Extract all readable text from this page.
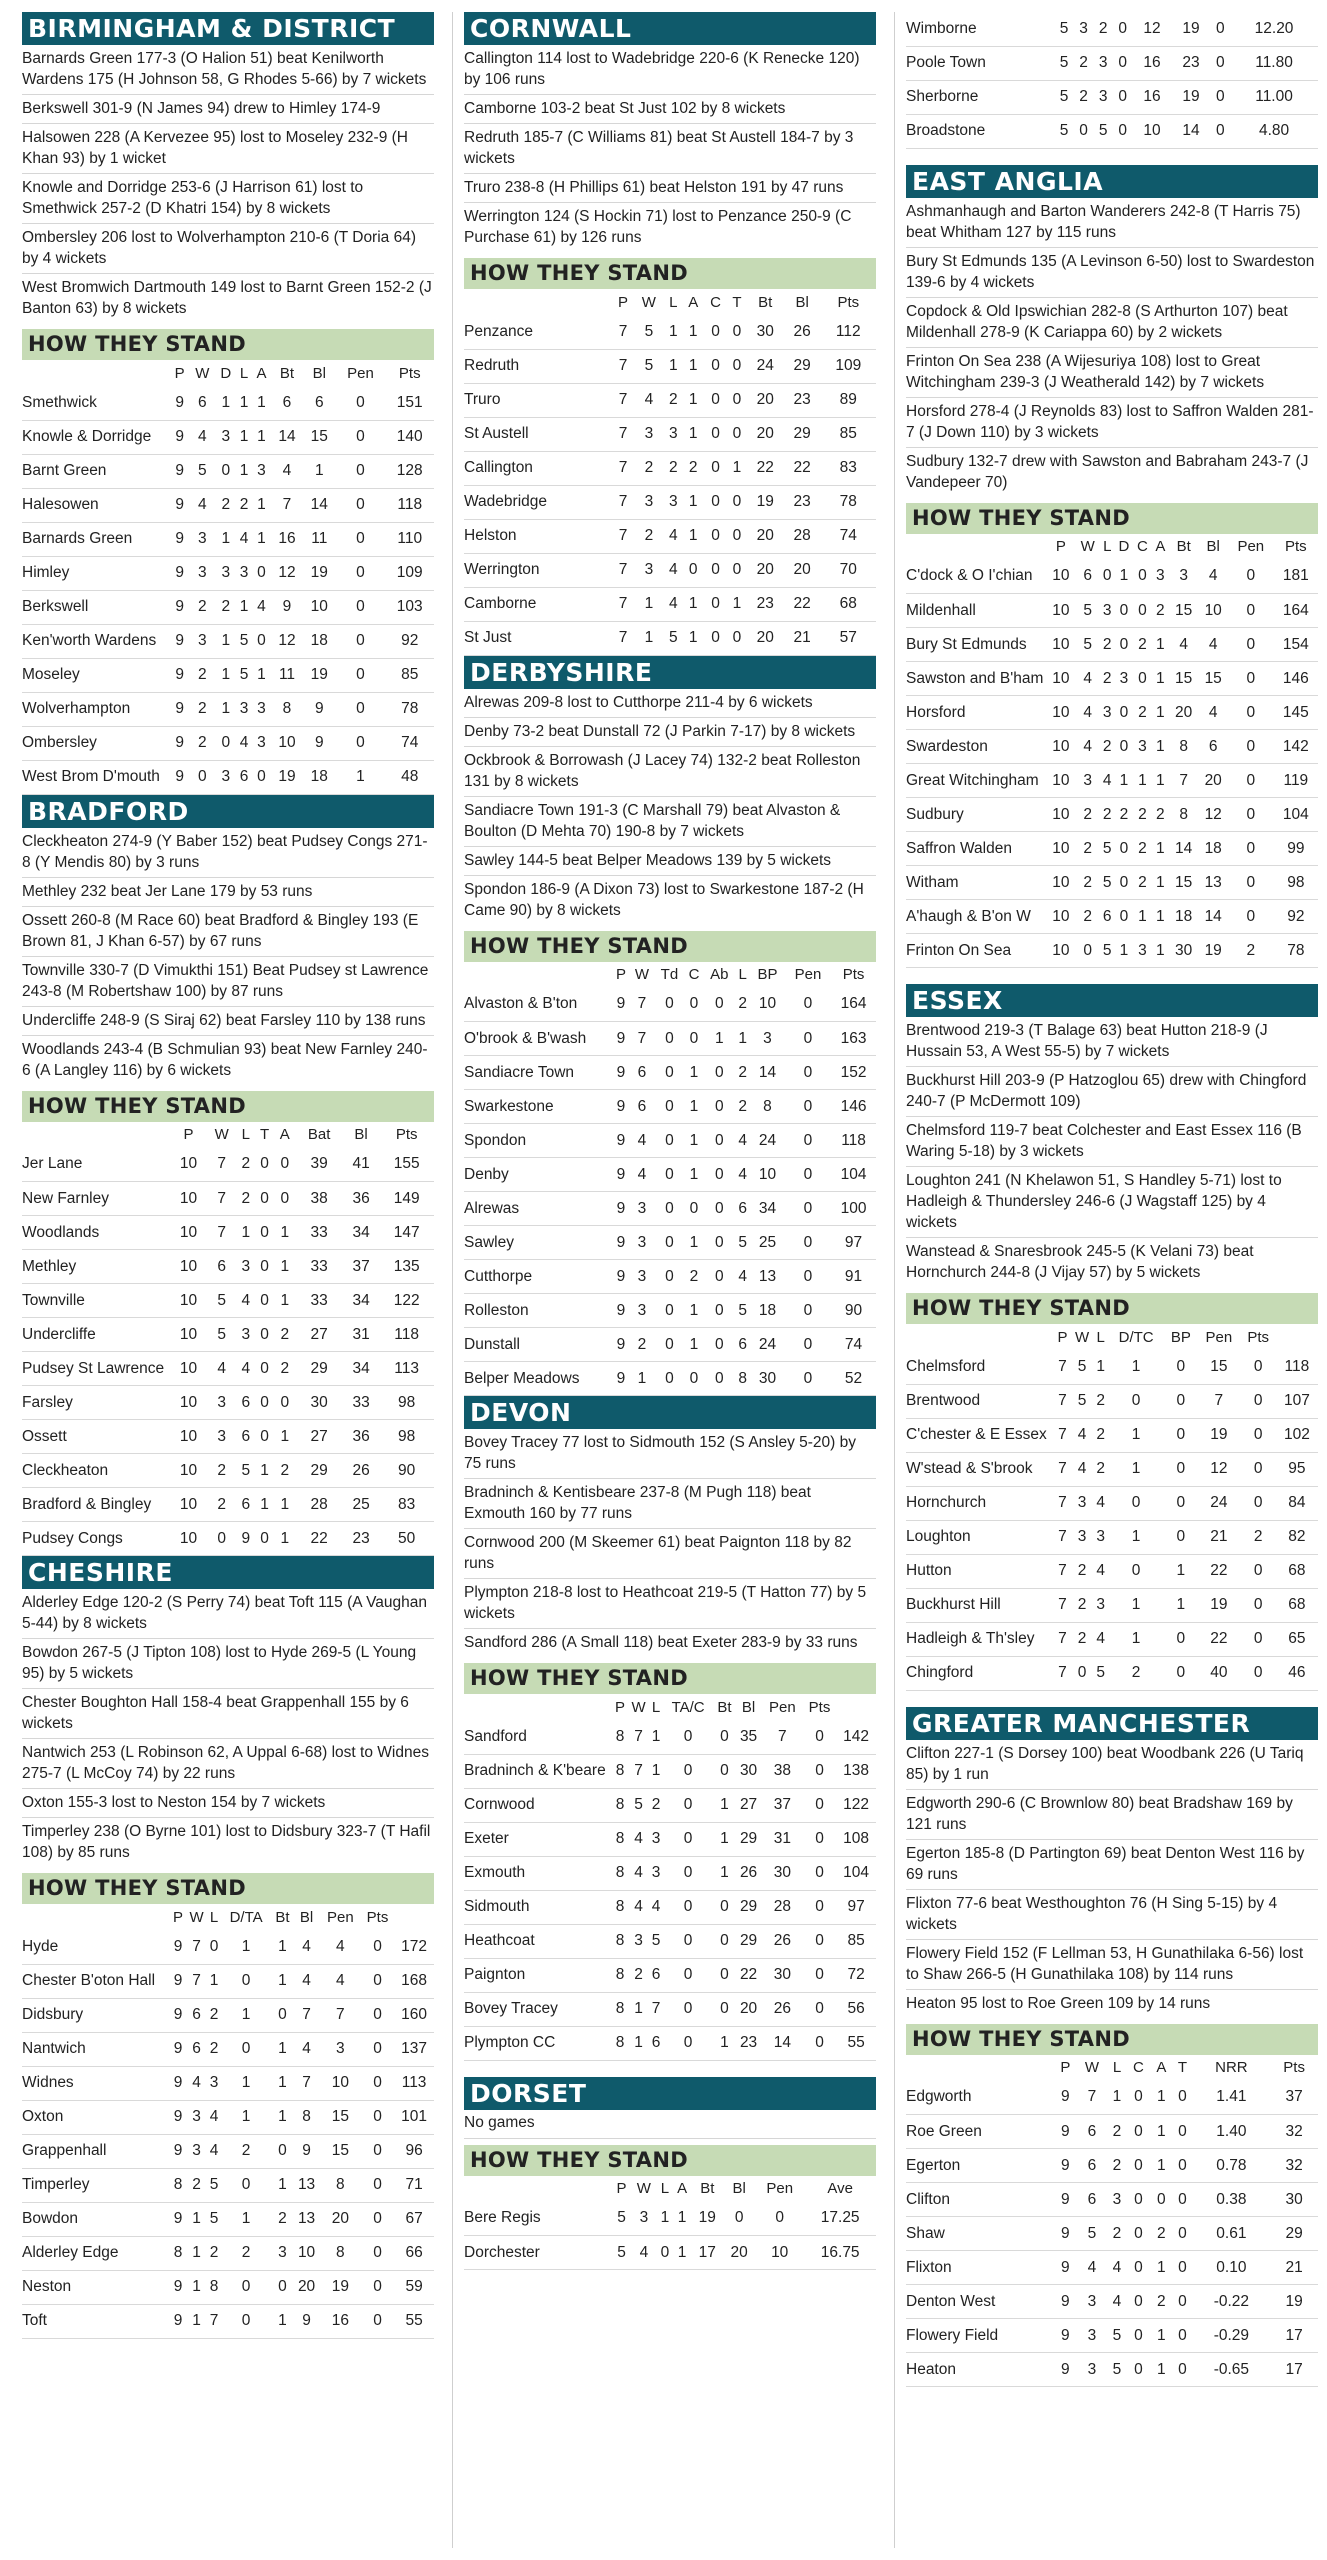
BIRMINGHAM & DISTRICT
Barnards Green 177-3 (O Halion 51) beat Kenilworth Wardens 175 (H Johnson 58, G Rhodes 5-66) by 7 wickets
Berkswell 301-9 (N James 94) drew to Himley 174-9
Halsowen 228 (A Kervezee 95) lost to Moseley 232-9 (H Khan 93) by 1 wicket
Knowle and Dorridge 253-6 (J Harrison 61) lost to Smethwick 257-2 (D Khatri 154) by 8 wickets
Ombersley 206 lost to Wolverhampton 210-6 (T Doria 64) by 4 wickets
West Bromwich Dartmouth 149 lost to Barnt Green 152-2 (J Banton 63) by 8 wickets
HOW THEY STAND
	P	W	D	L	A	Bt	Bl	Pen	Pts
Smethwick	9	6	1	1	1	6	6	0	151
Knowle & Dorridge	9	4	3	1	1	14	15	0	140
Barnt Green	9	5	0	1	3	4	1	0	128
Halesowen	9	4	2	2	1	7	14	0	118
Barnards Green	9	3	1	4	1	16	11	0	110
Himley	9	3	3	3	0	12	19	0	109
Berkswell	9	2	2	1	4	9	10	0	103
Ken'worth Wardens	9	3	1	5	0	12	18	0	92
Moseley	9	2	1	5	1	11	19	0	85
Wolverhampton	9	2	1	3	3	8	9	0	78
Ombersley	9	2	0	4	3	10	9	0	74
West Brom D'mouth	9	0	3	6	0	19	18	1	48
BRADFORD
Cleckheaton 274-9 (Y Baber 152) beat Pudsey Congs 271-8 (Y Mendis 80) by 3 runs
Methley 232 beat Jer Lane 179 by 53 runs
Ossett 260-8 (M Race 60) beat Bradford & Bingley 193 (E Brown 81, J Khan 6-57) by 67 runs
Townville 330-7 (D Vimukthi 151) Beat Pudsey st Lawrence 243-8 (M Robertshaw 100) by 87 runs
Undercliffe 248-9 (S Siraj 62) beat Farsley 110 by 138 runs
Woodlands 243-4 (B Schmulian 93) beat New Farnley 240-6 (A Langley 116) by 6 wickets
HOW THEY STAND
	P	W	L	T	A	Bat	Bl	Pts
Jer Lane	10	7	2	0	0	39	41	155
New Farnley	10	7	2	0	0	38	36	149
Woodlands	10	7	1	0	1	33	34	147
Methley	10	6	3	0	1	33	37	135
Townville	10	5	4	0	1	33	34	122
Undercliffe	10	5	3	0	2	27	31	118
Pudsey St Lawrence	10	4	4	0	2	29	34	113
Farsley	10	3	6	0	0	30	33	98
Ossett	10	3	6	0	1	27	36	98
Cleckheaton	10	2	5	1	2	29	26	90
Bradford & Bingley	10	2	6	1	1	28	25	83
Pudsey Congs	10	0	9	0	1	22	23	50
CHESHIRE
Alderley Edge 120-2 (S Perry 74) beat Toft 115 (A Vaughan 5-44) by 8 wickets
Bowdon 267-5 (J Tipton 108) lost to Hyde 269-5 (L Young 95) by 5 wickets
Chester Boughton Hall 158-4 beat Grappenhall 155 by 6 wickets
Nantwich 253 (L Robinson 62, A Uppal 6-68) lost to Widnes 275-7 (L McCoy 74) by 22 runs
Oxton 155-3 lost to Neston 154 by 7 wickets
Timperley 238 (O Byrne 101) lost to Didsbury 323-7 (T Hafil 108) by 85 runs
HOW THEY STAND
	P	W	L	D/TA	Bt	Bl	Pen	Pts	
Hyde	9	7	0	1	1	4	4	0	172
Chester B'oton Hall	9	7	1	0	1	4	4	0	168
Didsbury	9	6	2	1	0	7	7	0	160
Nantwich	9	6	2	0	1	4	3	0	137
Widnes	9	4	3	1	1	7	10	0	113
Oxton	9	3	4	1	1	8	15	0	101
Grappenhall	9	3	4	2	0	9	15	0	96
Timperley	8	2	5	0	1	13	8	0	71
Bowdon	9	1	5	1	2	13	20	0	67
Alderley Edge	8	1	2	2	3	10	8	0	66
Neston	9	1	8	0	0	20	19	0	59
Toft	9	1	7	0	1	9	16	0	55
CORNWALL
Callington 114 lost to Wadebridge 220-6 (K Renecke 120) by 106 runs
Camborne 103-2 beat St Just 102 by 8 wickets
Redruth 185-7 (C Williams 81) beat St Austell 184-7 by 3 wickets
Truro 238-8 (H Phillips 61) beat Helston 191 by 47 runs
Werrington 124 (S Hockin 71) lost to Penzance 250-9 (C Purchase 61) by 126 runs
HOW THEY STAND
	P	W	L	A	C	T	Bt	Bl	Pts
Penzance	7	5	1	1	0	0	30	26	112
Redruth	7	5	1	1	0	0	24	29	109
Truro	7	4	2	1	0	0	20	23	89
St Austell	7	3	3	1	0	0	20	29	85
Callington	7	2	2	2	0	1	22	22	83
Wadebridge	7	3	3	1	0	0	19	23	78
Helston	7	2	4	1	0	0	20	28	74
Werrington	7	3	4	0	0	0	20	20	70
Camborne	7	1	4	1	0	1	23	22	68
St Just	7	1	5	1	0	0	20	21	57
DERBYSHIRE
Alrewas 209-8 lost to Cutthorpe 211-4 by 6 wickets
Denby 73-2 beat Dunstall 72 (J Parkin 7-17) by 8 wickets
Ockbrook & Borrowash (J Lacey 74) 132-2 beat Rolleston 131 by 8 wickets
Sandiacre Town 191-3 (C Marshall 79) beat Alvaston & Boulton (D Mehta 70) 190-8 by 7 wickets
Sawley 144-5 beat Belper Meadows 139 by 5 wickets
Spondon 186-9 (A Dixon 73) lost to Swarkestone 187-2 (H Came 90) by 8 wickets
HOW THEY STAND
	P	W	Td	C	Ab	L	BP	Pen	Pts
Alvaston & B'ton	9	7	0	0	0	2	10	0	164
O'brook & B'wash	9	7	0	0	1	1	3	0	163
Sandiacre Town	9	6	0	1	0	2	14	0	152
Swarkestone	9	6	0	1	0	2	8	0	146
Spondon	9	4	0	1	0	4	24	0	118
Denby	9	4	0	1	0	4	10	0	104
Alrewas	9	3	0	0	0	6	34	0	100
Sawley	9	3	0	1	0	5	25	0	97
Cutthorpe	9	3	0	2	0	4	13	0	91
Rolleston	9	3	0	1	0	5	18	0	90
Dunstall	9	2	0	1	0	6	24	0	74
Belper Meadows	9	1	0	0	0	8	30	0	52
DEVON
Bovey Tracey 77 lost to Sidmouth 152 (S Ansley 5-20) by 75 runs
Bradninch & Kentisbeare 237-8 (M Pugh 118) beat Exmouth 160 by 77 runs
Cornwood 200 (M Skeemer 61) beat Paignton 118 by 82 runs
Plympton 218-8 lost to Heathcoat 219-5 (T Hatton 77) by 5 wickets
Sandford 286 (A Small 118) beat Exeter 283-9 by 33 runs
HOW THEY STAND
	P	W	L	TA/C	Bt	Bl	Pen	Pts	
Sandford	8	7	1	0	0	35	7	0	142
Bradninch & K'beare	8	7	1	0	0	30	38	0	138
Cornwood	8	5	2	0	1	27	37	0	122
Exeter	8	4	3	0	1	29	31	0	108
Exmouth	8	4	3	0	1	26	30	0	104
Sidmouth	8	4	4	0	0	29	28	0	97
Heathcoat	8	3	5	0	0	29	26	0	85
Paignton	8	2	6	0	0	22	30	0	72
Bovey Tracey	8	1	7	0	0	20	26	0	56
Plympton CC	8	1	6	0	1	23	14	0	55
DORSET
No games
HOW THEY STAND
	P	W	L	A	Bt	Bl	Pen	Ave
Bere Regis	5	3	1	1	19	0	0	17.25
Dorchester	5	4	0	1	17	20	10	16.75
Wimborne	5	3	2	0	12	19	0	12.20
Poole Town	5	2	3	0	16	23	0	11.80
Sherborne	5	2	3	0	16	19	0	11.00
Broadstone	5	0	5	0	10	14	0	4.80
EAST ANGLIA
Ashmanhaugh and Barton Wanderers 242-8 (T Harris 75) beat Whitham 127 by 115 runs
Bury St Edmunds 135 (A Levinson 6-50) lost to Swardeston 139-6 by 4 wickets
Copdock & Old Ipswichian 282-8 (S Arthurton 107) beat Mildenhall 278-9 (K Cariappa 60) by 2 wickets
Frinton On Sea 238 (A Wijesuriya 108) lost to Great Witchingham 239-3 (J Weatherald 142) by 7 wickets
Horsford 278-4 (J Reynolds 83) lost to Saffron Walden 281-7 (J Down 110) by 3 wickets
Sudbury 132-7 drew with Sawston and Babraham 243-7 (J Vandepeer 70)
HOW THEY STAND
	P	W	L	D	C	A	Bt	Bl	Pen	Pts
C'dock & O I'chian	10	6	0	1	0	3	3	4	0	181
Mildenhall	10	5	3	0	0	2	15	10	0	164
Bury St Edmunds	10	5	2	0	2	1	4	4	0	154
Sawston and B'ham	10	4	2	3	0	1	15	15	0	146
Horsford	10	4	3	0	2	1	20	4	0	145
Swardeston	10	4	2	0	3	1	8	6	0	142
Great Witchingham	10	3	4	1	1	1	7	20	0	119
Sudbury	10	2	2	2	2	2	8	12	0	104
Saffron Walden	10	2	5	0	2	1	14	18	0	99
Witham	10	2	5	0	2	1	15	13	0	98
A'haugh & B'on W	10	2	6	0	1	1	18	14	0	92
Frinton On Sea	10	0	5	1	3	1	30	19	2	78
ESSEX
Brentwood 219-3 (T Balage 63) beat Hutton 218-9 (J Hussain 53, A West 55-5) by 7 wickets
Buckhurst Hill 203-9 (P Hatzoglou 65) drew with Chingford 240-7 (P McDermott 109)
Chelmsford 119-7 beat Colchester and East Essex 116 (B Waring 5-18) by 3 wickets
Loughton 241 (N Khelawon 51, S Handley 5-71) lost to Hadleigh & Thundersley 246-6 (J Wagstaff 125) by 4 wickets
Wanstead & Snaresbrook 245-5 (K Velani 73) beat Hornchurch 244-8 (J Vijay 57) by 5 wickets
HOW THEY STAND
	P	W	L	D/TC	BP	Pen	Pts	
Chelmsford	7	5	1	1	0	15	0	118
Brentwood	7	5	2	0	0	7	0	107
C'chester & E Essex	7	4	2	1	0	19	0	102
W'stead & S'brook	7	4	2	1	0	12	0	95
Hornchurch	7	3	4	0	0	24	0	84
Loughton	7	3	3	1	0	21	2	82
Hutton	7	2	4	0	1	22	0	68
Buckhurst Hill	7	2	3	1	1	19	0	68
Hadleigh & Th'sley	7	2	4	1	0	22	0	65
Chingford	7	0	5	2	0	40	0	46
GREATER MANCHESTER
Clifton 227-1 (S Dorsey 100) beat Woodbank 226 (U Tariq 85) by 1 run
Edgworth 290-6 (C Brownlow 80) beat Bradshaw 169 by 121 runs
Egerton 185-8 (D Partington 69) beat Denton West 116 by 69 runs
Flixton 77-6 beat Westhoughton 76 (H Sing 5-15) by 4 wickets
Flowery Field 152 (F Lellman 53, H Gunathilaka 6-56) lost to Shaw 266-5 (H Gunathilaka 108) by 114 runs
Heaton 95 lost to Roe Green 109 by 14 runs
HOW THEY STAND
	P	W	L	C	A	T	NRR	Pts
Edgworth	9	7	1	0	1	0	1.41	37
Roe Green	9	6	2	0	1	0	1.40	32
Egerton	9	6	2	0	1	0	0.78	32
Clifton	9	6	3	0	0	0	0.38	30
Shaw	9	5	2	0	2	0	0.61	29
Flixton	9	4	4	0	1	0	0.10	21
Denton West	9	3	4	0	2	0	-0.22	19
Flowery Field	9	3	5	0	1	0	-0.29	17
Heaton	9	3	5	0	1	0	-0.65	17
